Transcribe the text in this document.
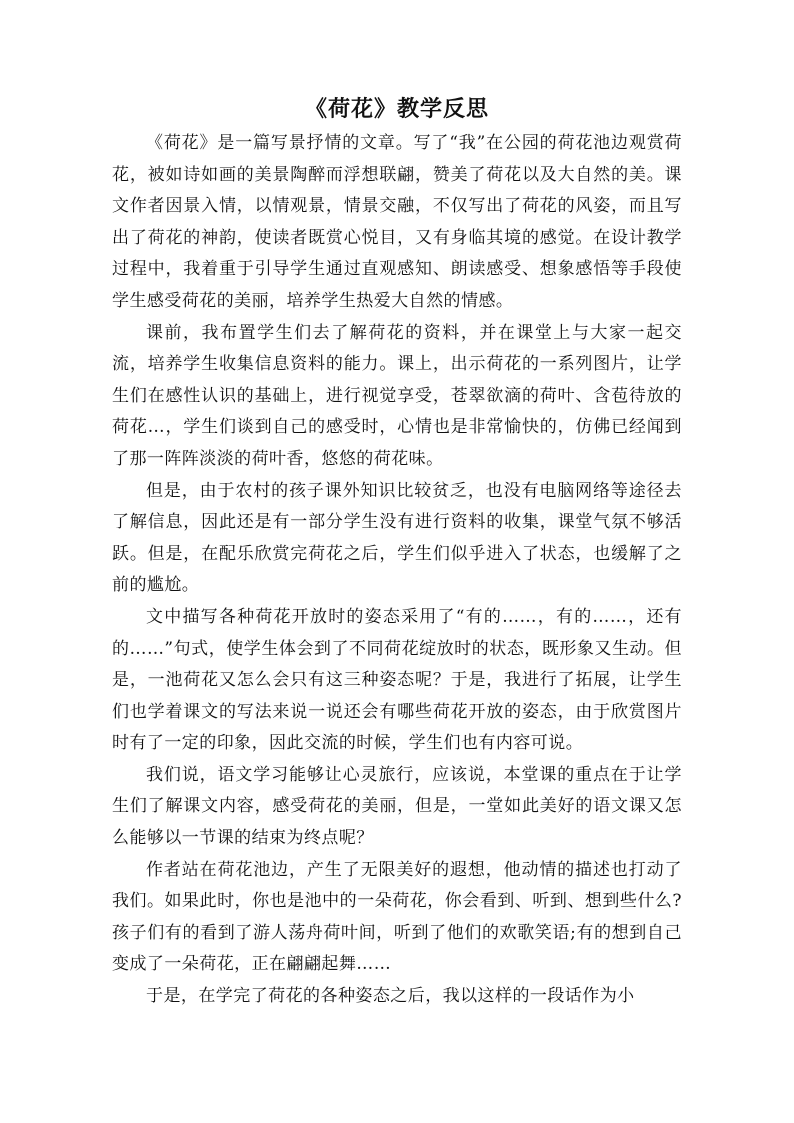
《荷花》教学反思

《荷花》是一篇写景抒情的文章。写了“我”在公园的荷花池边观赏荷花，被如诗如画的美景陶醉而浮想联翩，赞美了荷花以及大自然的美。课文作者因景入情，以情观景，情景交融，不仅写出了荷花的风姿，而且写出了荷花的神韵，使读者既赏心悦目，又有身临其境的感觉。在设计教学过程中，我着重于引导学生通过直观感知、朗读感受、想象感悟等手段使学生感受荷花的美丽，培养学生热爱大自然的情感。

课前，我布置学生们去了解荷花的资料，并在课堂上与大家一起交流，培养学生收集信息资料的能力。课上，出示荷花的一系列图片，让学生们在感性认识的基础上，进行视觉享受，苍翠欲滴的荷叶、含苞待放的荷花…，学生们谈到自己的感受时，心情也是非常愉快的，仿佛已经闻到了那一阵阵淡淡的荷叶香，悠悠的荷花味。

但是，由于农村的孩子课外知识比较贫乏，也没有电脑网络等途径去了解信息，因此还是有一部分学生没有进行资料的收集，课堂气氛不够活跃。但是，在配乐欣赏完荷花之后，学生们似乎进入了状态，也缓解了之前的尴尬。

文中描写各种荷花开放时的姿态采用了“有的……，有的……，还有的……”句式，使学生体会到了不同荷花绽放时的状态，既形象又生动。但是，一池荷花又怎么会只有这三种姿态呢？于是，我进行了拓展，让学生们也学着课文的写法来说一说还会有哪些荷花开放的姿态，由于欣赏图片时有了一定的印象，因此交流的时候，学生们也有内容可说。

我们说，语文学习能够让心灵旅行，应该说，本堂课的重点在于让学生们了解课文内容，感受荷花的美丽，但是，一堂如此美好的语文课又怎么能够以一节课的结束为终点呢？

作者站在荷花池边，产生了无限美好的遐想，他动情的描述也打动了我们。如果此时，你也是池中的一朵荷花，你会看到、听到、想到些什么?孩子们有的看到了游人荡舟荷叶间，听到了他们的欢歌笑语;有的想到自己变成了一朵荷花，正在翩翩起舞……

于是，在学完了荷花的各种姿态之后，我以这样的一段话作为小
